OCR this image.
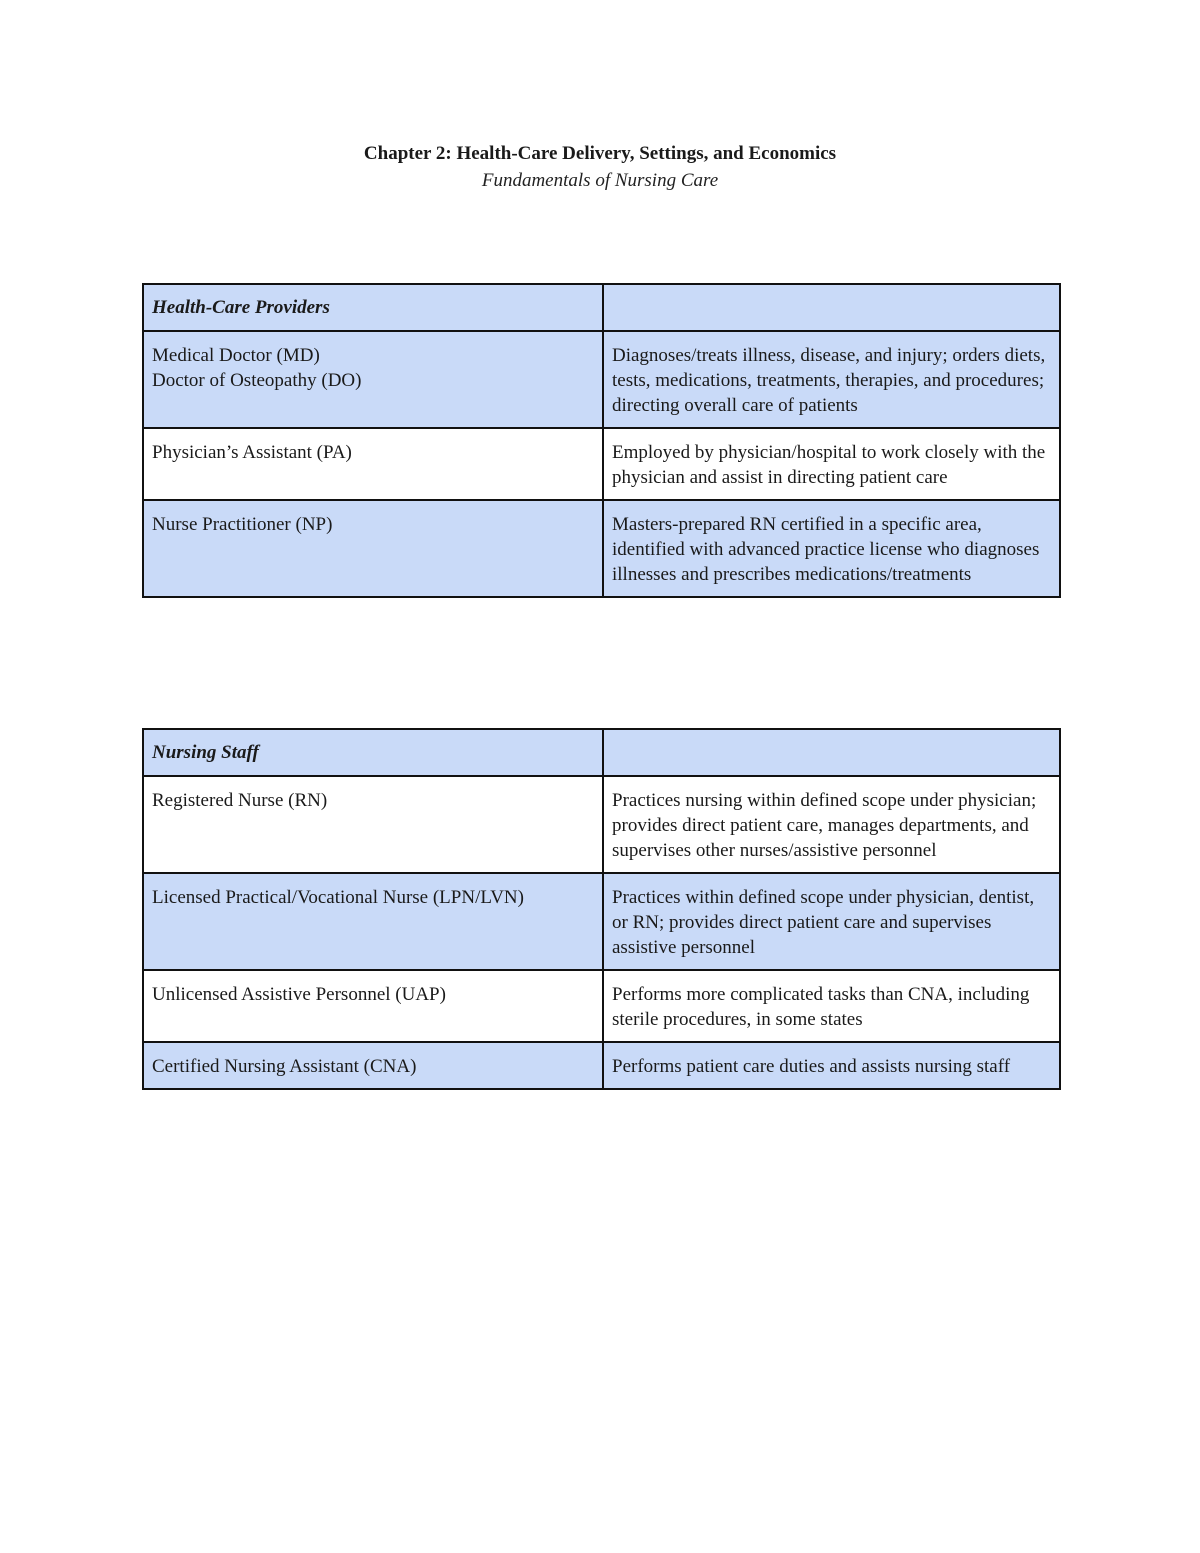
Chapter 2: Health-Care Delivery, Settings, and Economics

Fundamentals of Nursing Care

Health-Care Providers	
Medical Doctor (MD)
Doctor of Osteopathy (DO)	Diagnoses/treats illness, disease, and injury; orders diets, tests, medications, treatments, therapies, and procedures; directing overall care of patients
Physician’s Assistant (PA)	Employed by physician/hospital to work closely with the physician and assist in directing patient care
Nurse Practitioner (NP)	Masters-prepared RN certified in a specific area, identified with advanced practice license who diagnoses illnesses and prescribes medications/treatments
Nursing Staff	
Registered Nurse (RN)	Practices nursing within defined scope under physician; provides direct patient care, manages departments, and supervises other nurses/assistive personnel
Licensed Practical/Vocational Nurse (LPN/LVN)	Practices within defined scope under physician, dentist, or RN; provides direct patient care and supervises assistive personnel
Unlicensed Assistive Personnel (UAP)	Performs more complicated tasks than CNA, including sterile procedures, in some states
Certified Nursing Assistant (CNA)	Performs patient care duties and assists nursing staff
